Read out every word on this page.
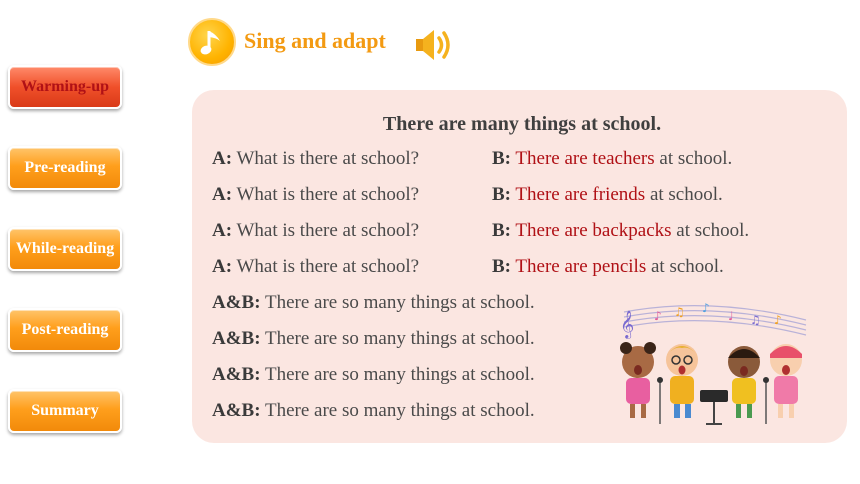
Warming-up
Pre-reading
While-reading
Post-reading
Summary
Sing and adapt
There are many things at school.
A: What is there at school?	B: There are teachers at school.
A: What is there at school?	B: There are friends at school.
A: What is there at school?	B: There are backpacks at school.
A: What is there at school?	B: There are pencils at school.
A&B: There are so many things at school.
A&B: There are so many things at school.
A&B: There are so many things at school.
A&B: There are so many things at school.
𝄞 ♪ ♫ ♪
♩ ♫ ♪
